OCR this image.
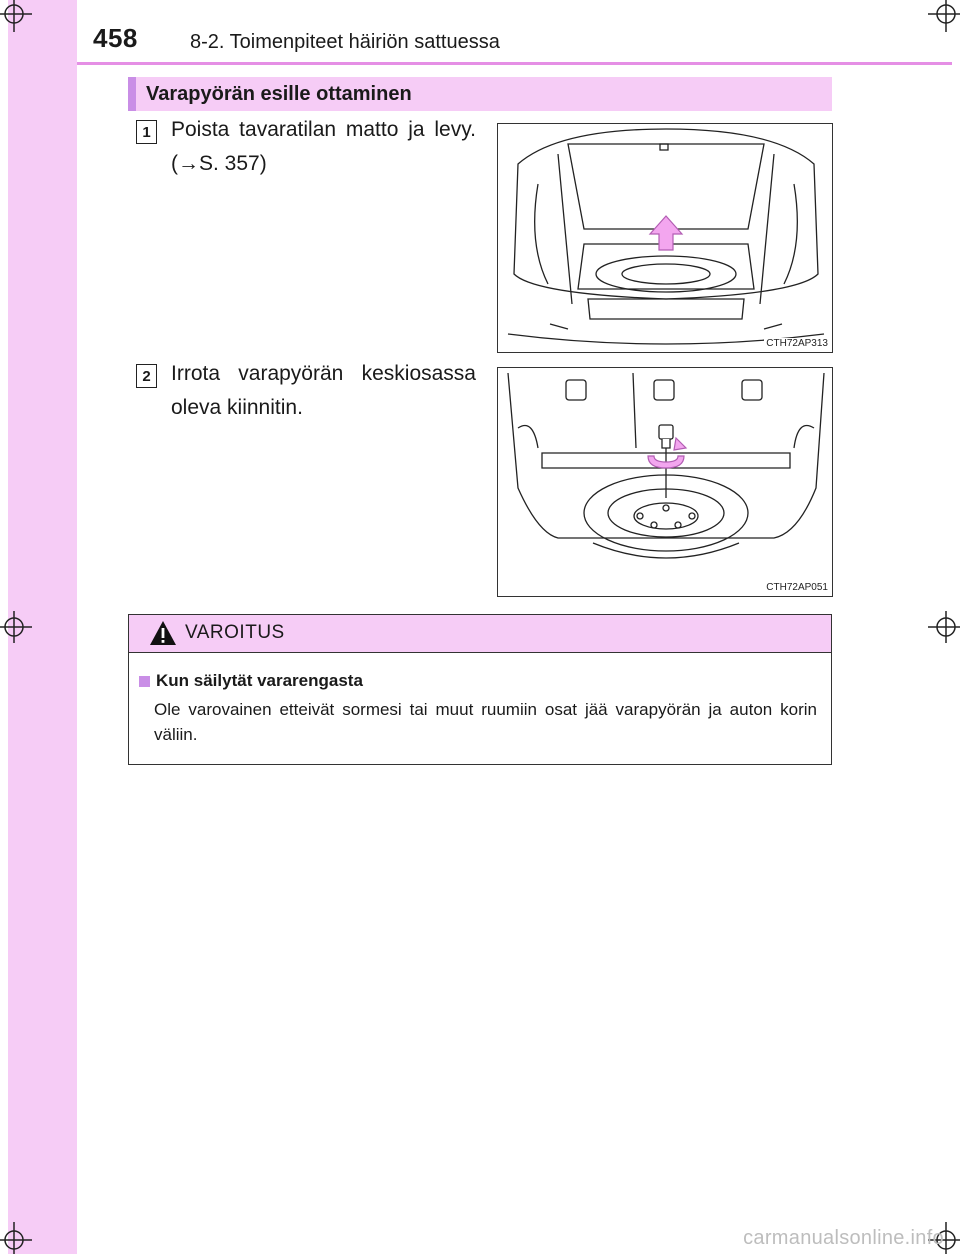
458	8-2. Toimenpiteet häiriön sattuessa
Varapyörän esille ottaminen
1 Poista tavaratilan matto ja levy. (→S. 357)
CTH72AP313
2 Irrota varapyörän keskiosassa oleva kiinnitin.
CTH72AP051
VAROITUS
Kun säilytät vararengasta
Ole varovainen etteivät sormesi tai muut ruumiin osat jää varapyörän ja auton korin väliin.
carmanualsonline.info
